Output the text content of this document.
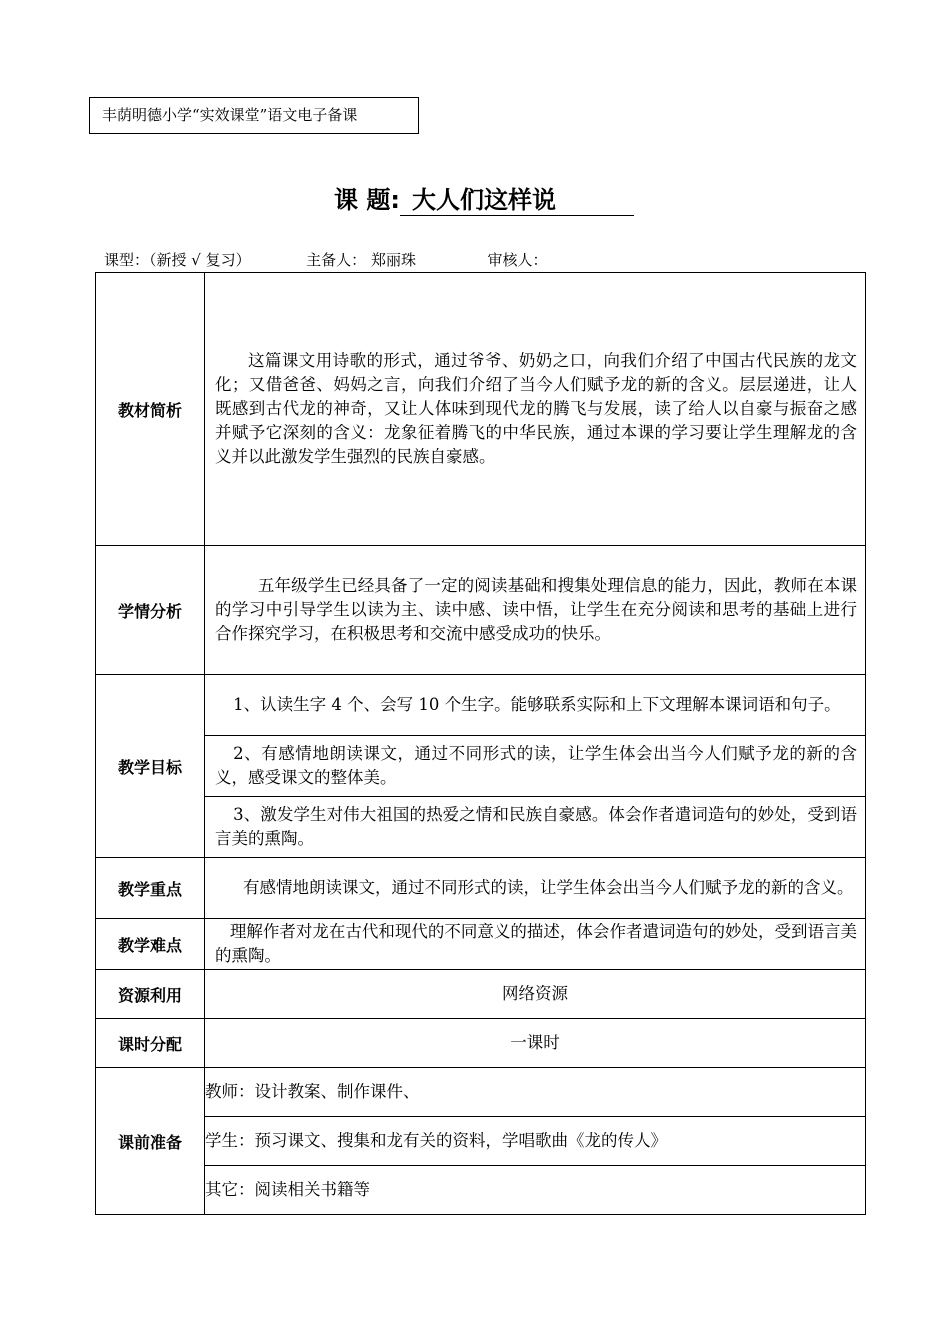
丰荫明德小学“实效课堂”语文电子备课
课 题: 大人们这样说
课型：（新授 √ 复习）	主备人： 郑丽珠	审核人：
教材简析	这篇课文用诗歌的形式，通过爷爷、奶奶之口，向我们介绍了中国古代民族的龙文化；又借爸爸、妈妈之言，向我们介绍了当今人们赋予龙的新的含义。层层递进，让人既感到古代龙的神奇，又让人体味到现代龙的腾飞与发展，读了给人以自豪与振奋之感并赋予它深刻的含义：龙象征着腾飞的中华民族，通过本课的学习要让学生理解龙的含义并以此激发学生强烈的民族自豪感。

学情分析	五年级学生已经具备了一定的阅读基础和搜集处理信息的能力，因此，教师在本课的学习中引导学生以读为主、读中感、读中悟，让学生在充分阅读和思考的基础上进行合作探究学习，在积极思考和交流中感受成功的快乐。

教学目标	1、认读生字 4 个、会写 10 个生字。能够联系实际和上下文理解本课词语和句子。

	2、有感情地朗读课文，通过不同形式的读，让学生体会出当今人们赋予龙的新的含义，感受课文的整体美。

	3、激发学生对伟大祖国的热爱之情和民族自豪感。体会作者遣词造句的妙处，受到语言美的熏陶。

教学重点	有感情地朗读课文，通过不同形式的读，让学生体会出当今人们赋予龙的新的含义。

教学难点	理解作者对龙在古代和现代的不同意义的描述，体会作者遣词造句的妙处，受到语言美的熏陶。

资源利用	网络资源
课时分配	一课时
课前准备	教师：设计教案、制作课件、
	学生：预习课文、搜集和龙有关的资料，学唱歌曲《龙的传人》
	其它：阅读相关书籍等
